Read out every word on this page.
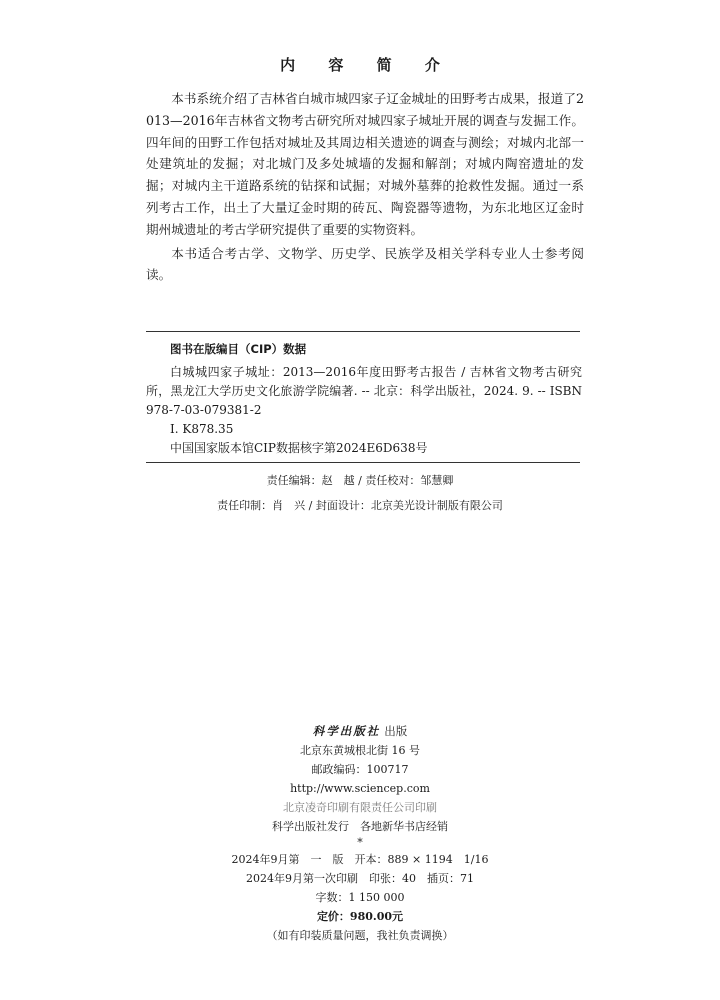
内 容 简 介

本书系统介绍了吉林省白城市城四家子辽金城址的田野考古成果，报道了2013—2016年吉林省文物考古研究所对城四家子城址开展的调查与发掘工作。四年间的田野工作包括对城址及其周边相关遗迹的调查与测绘；对城内北部一处建筑址的发掘；对北城门及多处城墙的发掘和解剖；对城内陶窑遗址的发掘；对城内主干道路系统的钻探和试掘；对城外墓葬的抢救性发掘。通过一系列考古工作，出土了大量辽金时期的砖瓦、陶瓷器等遗物，为东北地区辽金时期州城遗址的考古学研究提供了重要的实物资料。

本书适合考古学、文物学、历史学、民族学及相关学科专业人士参考阅读。

图书在版编目（CIP）数据
白城城四家子城址：2013—2016年度田野考古报告 / 吉林省文物考古研究所，黑龙江大学历史文化旅游学院编著. -- 北京：科学出版社，2024. 9. -- ISBN 978-7-03-079381-2
Ⅰ. K878.35
中国国家版本馆CIP数据核字第2024E6D638号
责任编辑：赵　越 / 责任校对：邹慧卿
责任印制：肖　兴 / 封面设计：北京美光设计制版有限公司
科学出版社 出版
北京东黄城根北街 16 号
邮政编码：100717
http://www.sciencep.com
北京凌奇印刷有限责任公司印刷
科学出版社发行　各地新华书店经销
*
2024年9月第　一　版　开本：889 × 1194　1/16
2024年9月第一次印刷　印张：40　插页：71
字数：1 150 000
定价：980.00元
（如有印装质量问题，我社负责调换）
